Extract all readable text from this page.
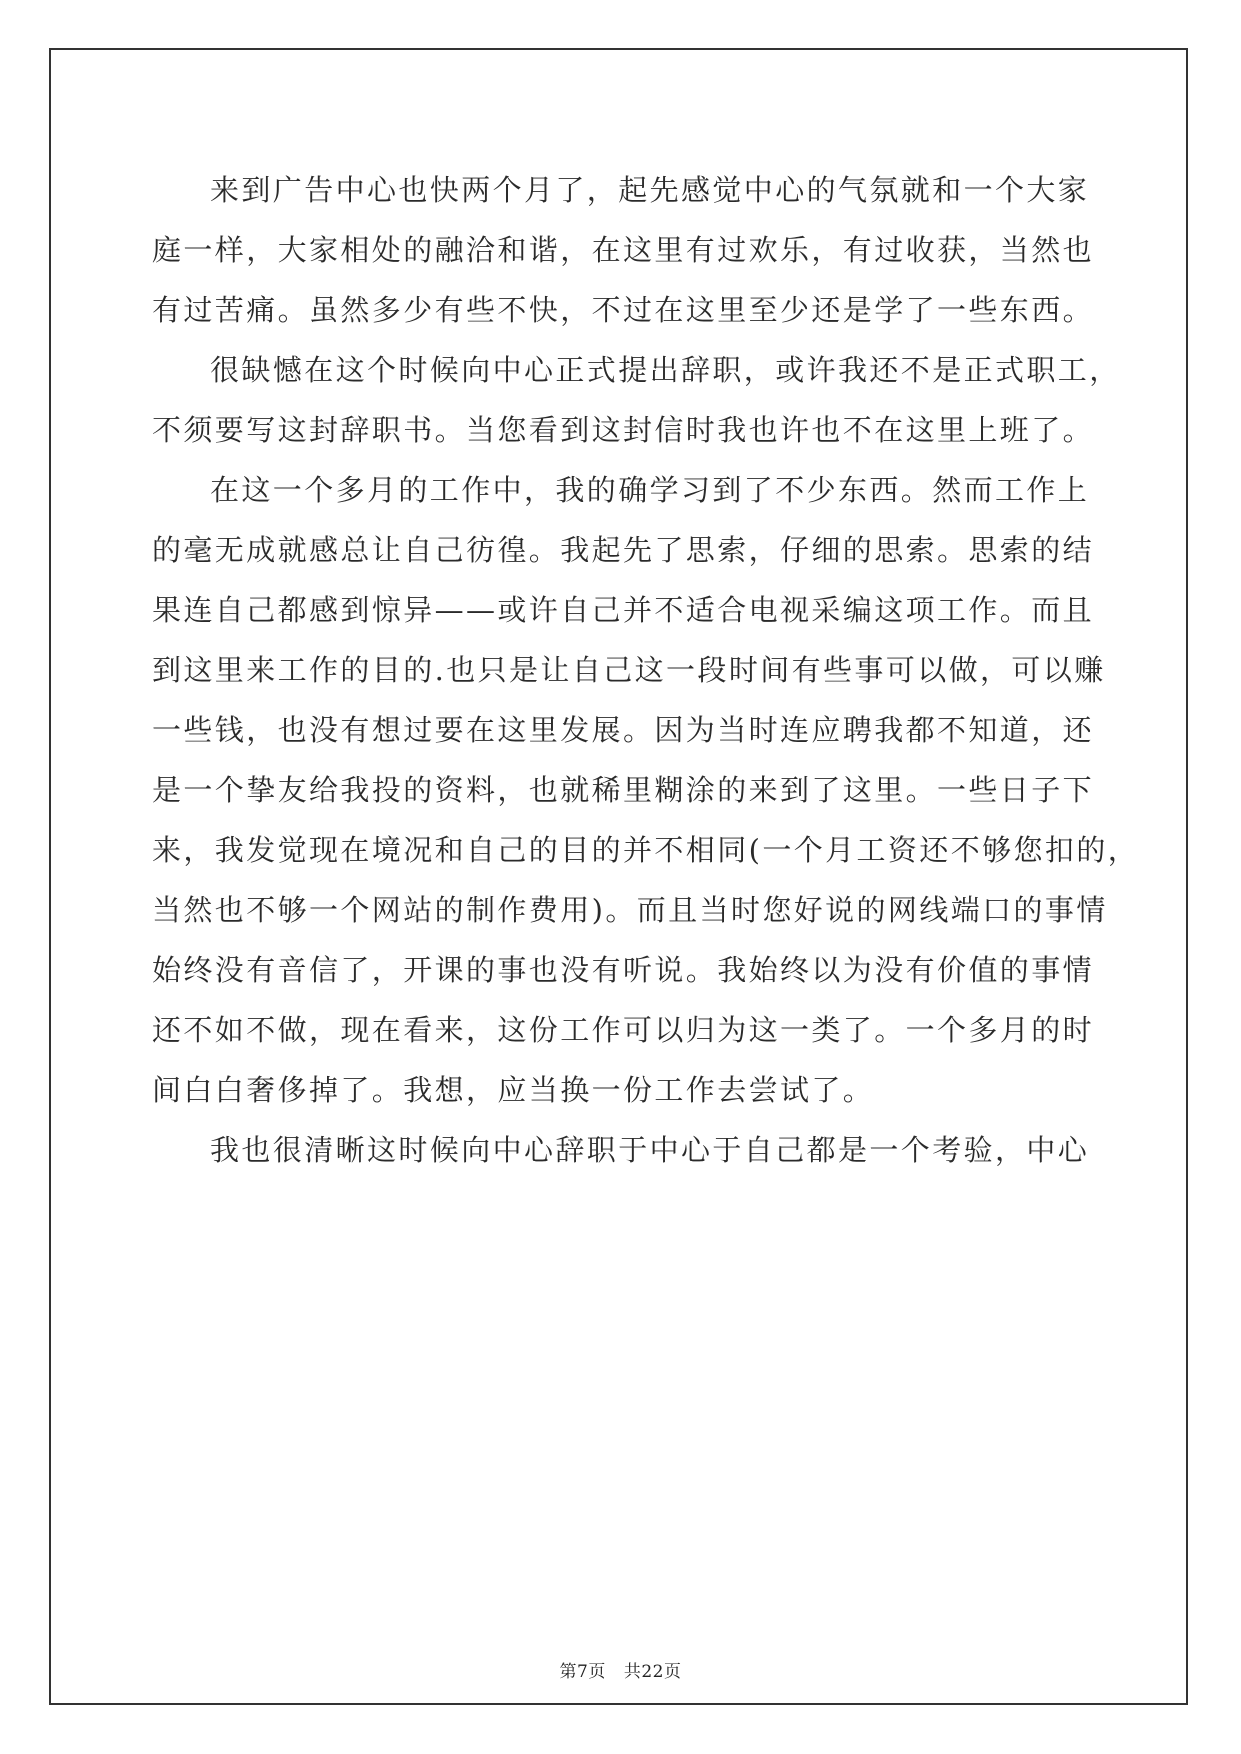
来到广告中心也快两个月了，起先感觉中心的气氛就和一个大家
庭一样，大家相处的融洽和谐，在这里有过欢乐，有过收获，当然也
有过苦痛。虽然多少有些不快，不过在这里至少还是学了一些东西。
很缺憾在这个时候向中心正式提出辞职，或许我还不是正式职工，
不须要写这封辞职书。当您看到这封信时我也许也不在这里上班了。
在这一个多月的工作中，我的确学习到了不少东西。然而工作上
的毫无成就感总让自己彷徨。我起先了思索，仔细的思索。思索的结
果连自己都感到惊异——或许自己并不适合电视采编这项工作。而且
到这里来工作的目的.也只是让自己这一段时间有些事可以做，可以赚
一些钱，也没有想过要在这里发展。因为当时连应聘我都不知道，还
是一个挚友给我投的资料，也就稀里糊涂的来到了这里。一些日子下
来，我发觉现在境况和自己的目的并不相同(一个月工资还不够您扣的，
当然也不够一个网站的制作费用)。而且当时您好说的网线端口的事情
始终没有音信了，开课的事也没有听说。我始终以为没有价值的事情
还不如不做，现在看来，这份工作可以归为这一类了。一个多月的时
间白白奢侈掉了。我想，应当换一份工作去尝试了。
我也很清晰这时候向中心辞职于中心于自己都是一个考验，中心
第7页 共22页
